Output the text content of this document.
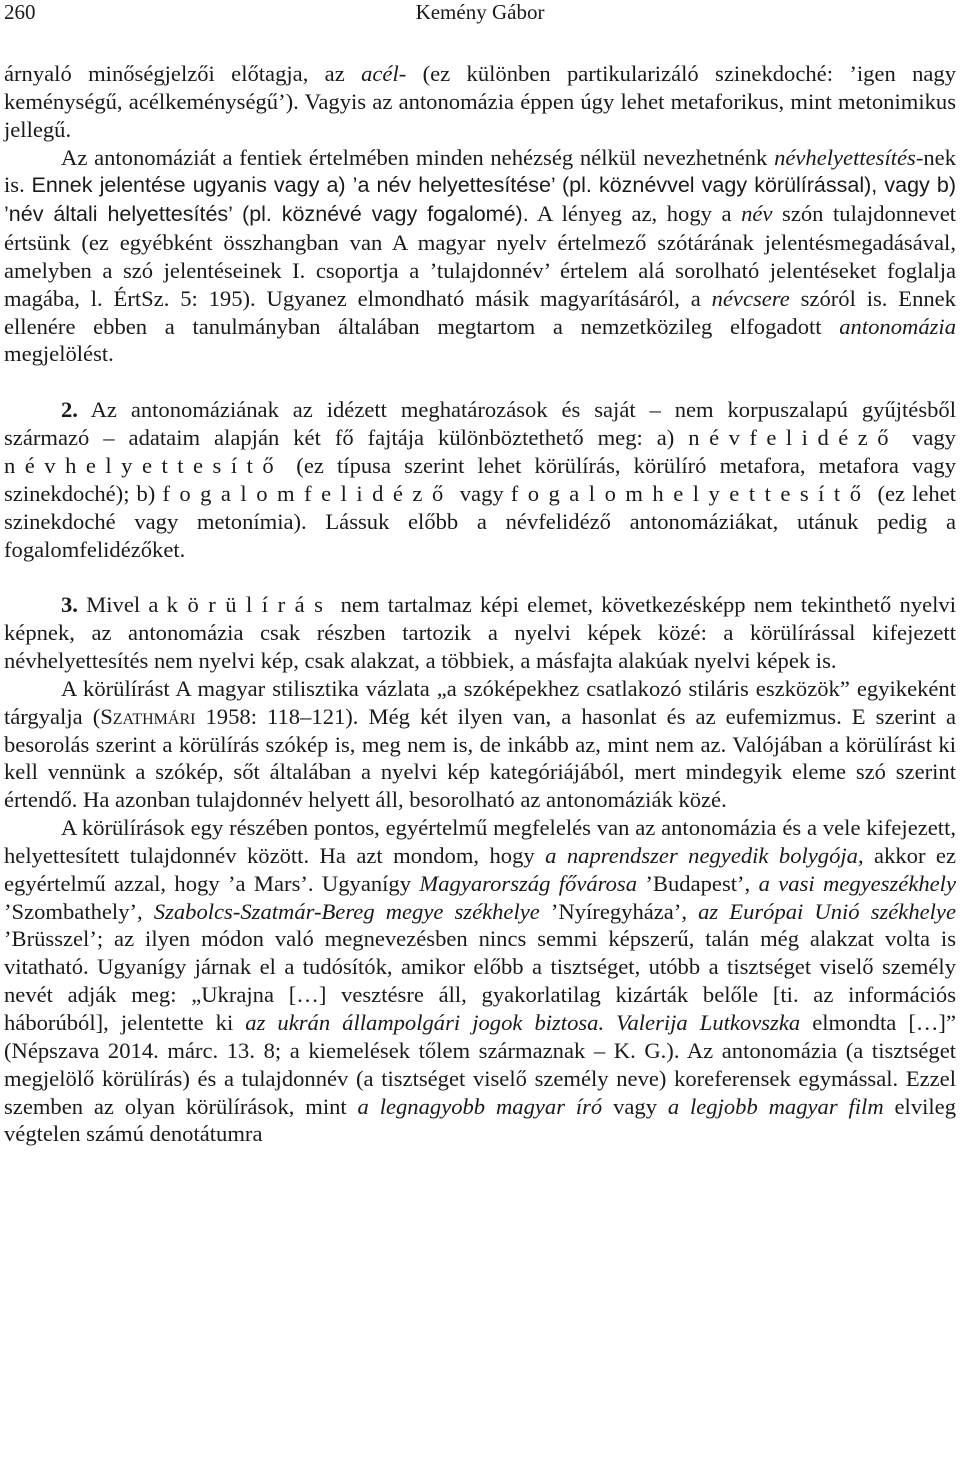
260	Kemény Gábor

árnyaló minőségjelzői előtagja, az acél- (ez különben partikularizáló szinekdoché: ’igen nagy keménységű, acélkeménységű’). Vagyis az antonomázia éppen úgy lehet metaforikus, mint metonimikus jellegű.

Az antonomáziát a fentiek értelmében minden nehézség nélkül nevezhetnénk névhelyettesítés-nek is. Ennek jelentése ugyanis vagy a) ’a név helyettesítése’ (pl. köznévvel vagy körülírással), vagy b) ’név általi helyettesítés’ (pl. köznévé vagy fogalomé). A lényeg az, hogy a név szón tulajdonnevet értsünk (ez egyébként összhangban van A magyar nyelv értelmező szótárának jelentésmegadásával, amelyben a szó jelentéseinek I. csoportja a ’tulajdonnév’ értelem alá sorolható jelentéseket foglalja magába, l. ÉrtSz. 5: 195). Ugyanez elmondható másik magyarításáról, a névcsere szóról is. Ennek ellenére ebben a tanulmányban általában megtartom a nemzetközileg elfogadott antonomázia megjelölést.

2. Az antonomáziának az idézett meghatározások és saját – nem korpuszalapú gyűjtésből származó – adataim alapján két fő fajtája különböztethető meg: a) névfelidéző vagy névhelyettesítő (ez típusa szerint lehet körülírás, körülíró metafora, metafora vagy szinekdoché); b) fogalomfelidéző vagy fogalomhelyettesítő (ez lehet szinekdoché vagy metonímia). Lássuk előbb a névfelidéző antonomáziákat, utánuk pedig a fogalomfelidézőket.

3. Mivel a körülírás nem tartalmaz képi elemet, következésképp nem tekinthető nyelvi képnek, az antonomázia csak részben tartozik a nyelvi képek közé: a körülírással kifejezett névhelyettesítés nem nyelvi kép, csak alakzat, a többiek, a másfajta alakúak nyelvi képek is.

A körülírást A magyar stilisztika vázlata „a szóképekhez csatlakozó stiláris eszközök” egyikeként tárgyalja (Szathmári 1958: 118–121). Még két ilyen van, a hasonlat és az eufemizmus. E szerint a besorolás szerint a körülírás szókép is, meg nem is, de inkább az, mint nem az. Valójában a körülírást ki kell vennünk a szókép, sőt általában a nyelvi kép kategóriájából, mert mindegyik eleme szó szerint értendő. Ha azonban tulajdonnév helyett áll, besorolható az antonomáziák közé.

A körülírások egy részében pontos, egyértelmű megfelelés van az antonomázia és a vele kifejezett, helyettesített tulajdonnév között. Ha azt mondom, hogy a naprendszer negyedik bolygója, akkor ez egyértelmű azzal, hogy ’a Mars’. Ugyanígy Magyarország fővárosa ’Budapest’, a vasi megyeszékhely ’Szombathely’, Szabolcs-Szatmár-Bereg megye székhelye ’Nyíregyháza’, az Európai Unió székhelye ’Brüsszel’; az ilyen módon való megnevezésben nincs semmi képszerű, talán még alakzat volta is vitatható. Ugyanígy járnak el a tudósítók, amikor előbb a tisztséget, utóbb a tisztséget viselő személy nevét adják meg: „Ukrajna […] vesztésre áll, gyakorlatilag kizárták belőle [ti. az információs háborúból], jelentette ki az ukrán állampolgári jogok biztosa. Valerija Lutkovszka elmondta […]” (Népszava 2014. márc. 13. 8; a kiemelések tőlem származnak – K. G.). Az antonomázia (a tisztséget megjelölő körülírás) és a tulajdonnév (a tisztséget viselő személy neve) koreferensek egymással. Ezzel szemben az olyan körülírások, mint a legnagyobb magyar író vagy a legjobb magyar film elvileg végtelen számú denotátumra
